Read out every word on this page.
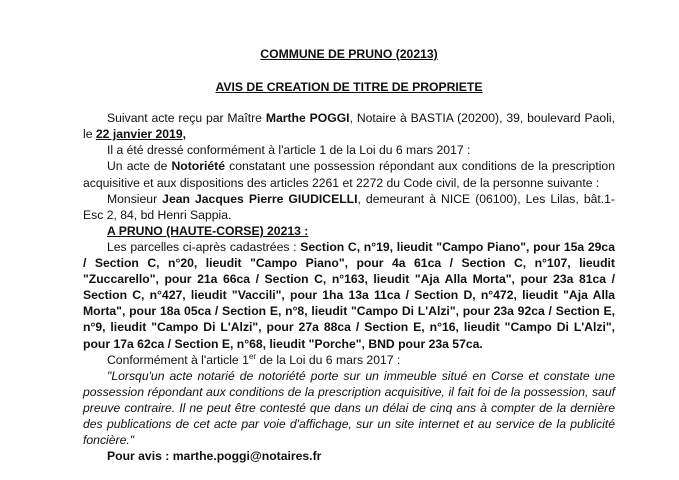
COMMUNE DE PRUNO (20213)

AVIS DE CREATION DE TITRE DE PROPRIETE

Suivant acte reçu par Maître Marthe POGGI, Notaire à BASTIA (20200), 39, boulevard Paoli, le 22 janvier 2019,

Il a été dressé conformément à l'article 1 de la Loi du 6 mars 2017 :

Un acte de Notoriété constatant une possession répondant aux conditions de la prescription acquisitive et aux dispositions des articles 2261 et 2272 du Code civil, de la personne suivante :

Monsieur Jean Jacques Pierre GIUDICELLI, demeurant à NICE (06100), Les Lilas, bât.1-Esc 2, 84, bd Henri Sappia.

A PRUNO (HAUTE-CORSE) 20213 :

Les parcelles ci-après cadastrées : Section C, n°19, lieudit "Campo Piano", pour 15a 29ca / Section C, n°20, lieudit "Campo Piano", pour 4a 61ca / Section C, n°107, lieudit "Zuccarello", pour 21a 66ca / Section C, n°163, lieudit "Aja Alla Morta", pour 23a 81ca / Section C, n°427, lieudit "Vaccili", pour 1ha 13a 11ca / Section D, n°472, lieudit "Aja Alla Morta", pour 18a 05ca / Section E, n°8, lieudit "Campo Di L'Alzi", pour 23a 92ca / Section E, n°9, lieudit "Campo Di L'Alzi", pour 27a 88ca / Section E, n°16, lieudit "Campo Di L'Alzi", pour 17a 62ca / Section E, n°68, lieudit "Porche", BND pour 23a 57ca.

Conformément à l'article 1er de la Loi du 6 mars 2017 :

"Lorsqu'un acte notarié de notoriété porte sur un immeuble situé en Corse et constate une possession répondant aux conditions de la prescription acquisitive, il fait foi de la possession, sauf preuve contraire. Il ne peut être contesté que dans un délai de cinq ans à compter de la dernière des publications de cet acte par voie d'affichage, sur un site internet et au service de la publicité foncière."

Pour avis : marthe.poggi@notaires.fr
